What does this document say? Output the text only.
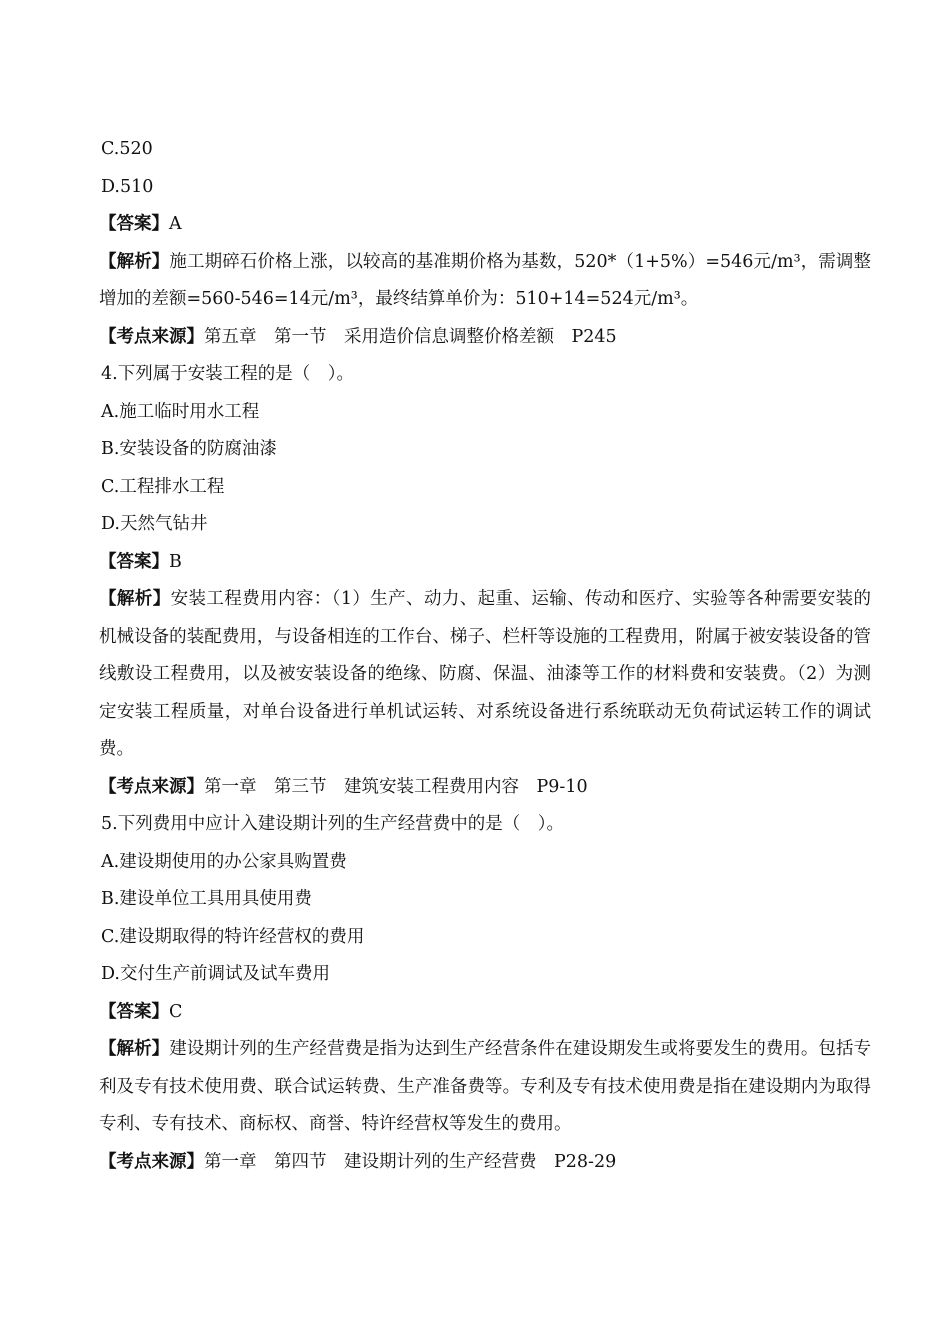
C.520
D.510
【答案】A
【解析】施工期碎石价格上涨，以较高的基准期价格为基数，520*（1+5%）=546元/m³，需调整增加的差额=560-546=14元/m³，最终结算单价为：510+14=524元/m³。
【考点来源】第五章　第一节　采用造价信息调整价格差额　P245
4.下列属于安装工程的是（　）。
A.施工临时用水工程
B.安装设备的防腐油漆
C.工程排水工程
D.天然气钻井
【答案】B
【解析】安装工程费用内容：（1）生产、动力、起重、运输、传动和医疗、实验等各种需要安装的机械设备的装配费用，与设备相连的工作台、梯子、栏杆等设施的工程费用，附属于被安装设备的管线敷设工程费用，以及被安装设备的绝缘、防腐、保温、油漆等工作的材料费和安装费。（2）为测定安装工程质量，对单台设备进行单机试运转、对系统设备进行系统联动无负荷试运转工作的调试费。
【考点来源】第一章　第三节　建筑安装工程费用内容　P9-10
5.下列费用中应计入建设期计列的生产经营费中的是（　）。
A.建设期使用的办公家具购置费
B.建设单位工具用具使用费
C.建设期取得的特许经营权的费用
D.交付生产前调试及试车费用
【答案】C
【解析】建设期计列的生产经营费是指为达到生产经营条件在建设期发生或将要发生的费用。包括专利及专有技术使用费、联合试运转费、生产准备费等。专利及专有技术使用费是指在建设期内为取得专利、专有技术、商标权、商誉、特许经营权等发生的费用。
【考点来源】第一章　第四节　建设期计列的生产经营费　P28-29
